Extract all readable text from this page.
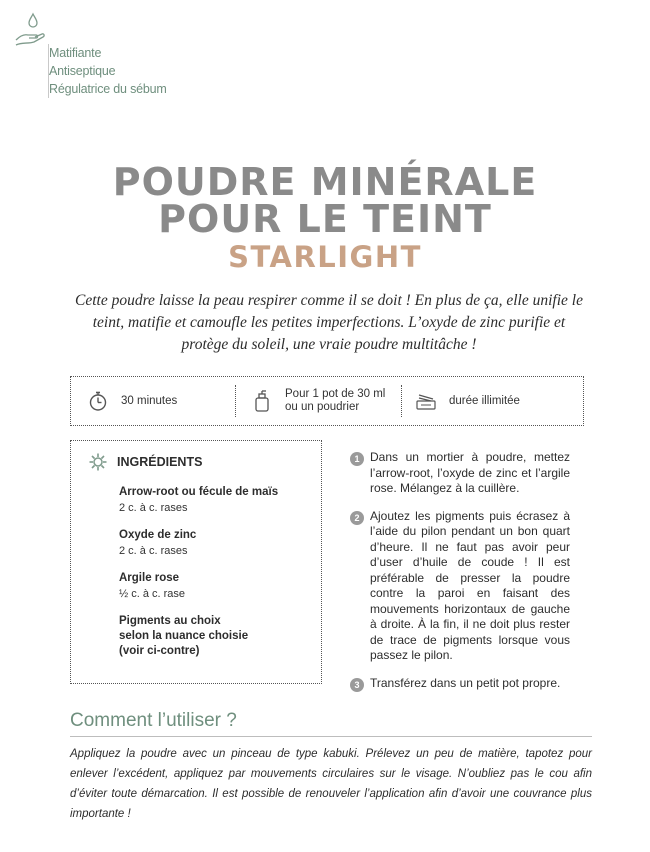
Matifiante
Antiseptique
Régulatrice du sébum
POUDRE MINÉRALE
POUR LE TEINT
STARLIGHT
Cette poudre laisse la peau respirer comme il se doit ! En plus de ça, elle unifie le teint, matifie et camoufle les petites imperfections. L’oxyde de zinc purifie et protège du soleil, une vraie poudre multitâche !
30 minutes
Pour 1 pot de 30 ml
ou un poudrier	durée illimitée
INGRÉDIENTS
Arrow-root ou fécule de maïs
2 c. à c. rases
Oxyde de zinc
2 c. à c. rases
Argile rose
½ c. à c. rase
Pigments au choix selon la nuance choisie (voir ci-contre)
1 Dans un mortier à poudre, mettez l’arrow-root, l’oxyde de zinc et l’argile rose. Mélangez à la cuillère.
2 Ajoutez les pigments puis écrasez à l’aide du pilon pendant un bon quart d’heure. Il ne faut pas avoir peur d’user d’huile de coude ! Il est préférable de presser la poudre contre la paroi en faisant des mouvements horizontaux de gauche à droite. À la fin, il ne doit plus rester de trace de pigments lorsque vous passez le pilon.
3 Transférez dans un petit pot propre.
Comment l’utiliser ?
Appliquez la poudre avec un pinceau de type kabuki. Prélevez un peu de matière, tapotez pour enlever l’excédent, appliquez par mouvements circulaires sur le visage. N’oubliez pas le cou afin d’éviter toute démarcation. Il est possible de renouveler l’application afin d’avoir une couvrance plus importante !
